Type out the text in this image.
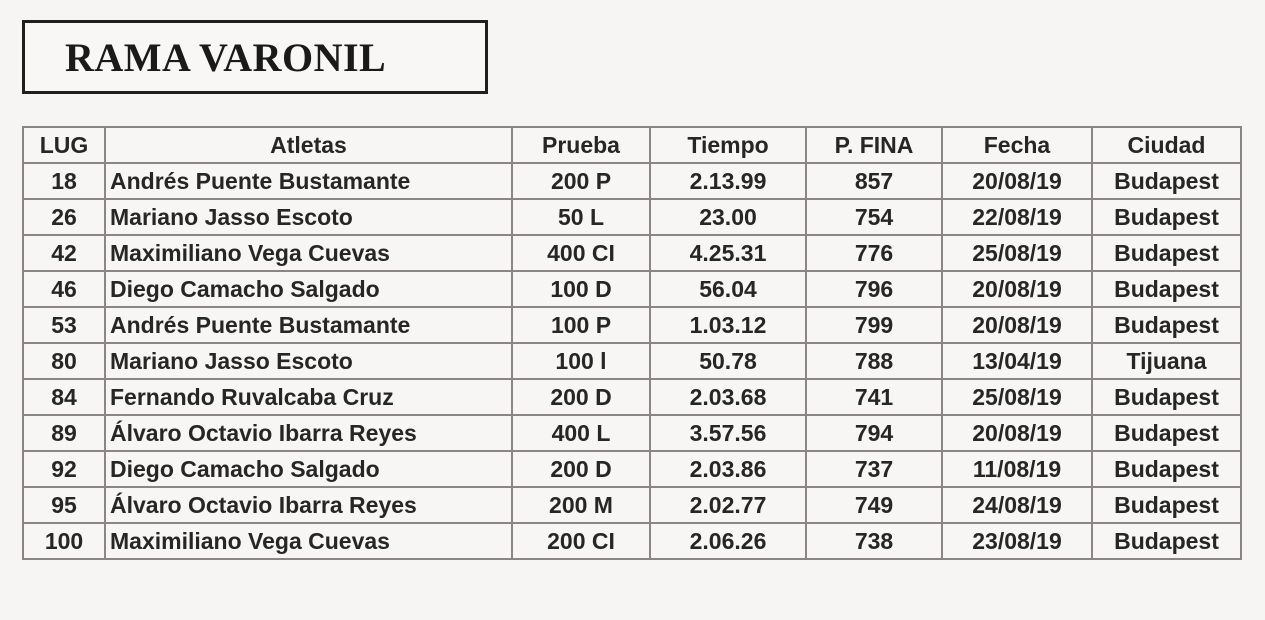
RAMA VARONIL
LUG	Atletas	Prueba	Tiempo	P. FINA	Fecha	Ciudad
18	Andrés Puente Bustamante	200 P	2.13.99	857	20/08/19	Budapest
26	Mariano Jasso Escoto	50 L	23.00	754	22/08/19	Budapest
42	Maximiliano Vega Cuevas	400 CI	4.25.31	776	25/08/19	Budapest
46	Diego Camacho Salgado	100 D	56.04	796	20/08/19	Budapest
53	Andrés Puente Bustamante	100 P	1.03.12	799	20/08/19	Budapest
80	Mariano Jasso Escoto	100 l	50.78	788	13/04/19	Tijuana
84	Fernando Ruvalcaba Cruz	200 D	2.03.68	741	25/08/19	Budapest
89	Álvaro Octavio Ibarra Reyes	400 L	3.57.56	794	20/08/19	Budapest
92	Diego Camacho Salgado	200 D	2.03.86	737	11/08/19	Budapest
95	Álvaro Octavio Ibarra Reyes	200 M	2.02.77	749	24/08/19	Budapest
100	Maximiliano Vega Cuevas	200 CI	2.06.26	738	23/08/19	Budapest
